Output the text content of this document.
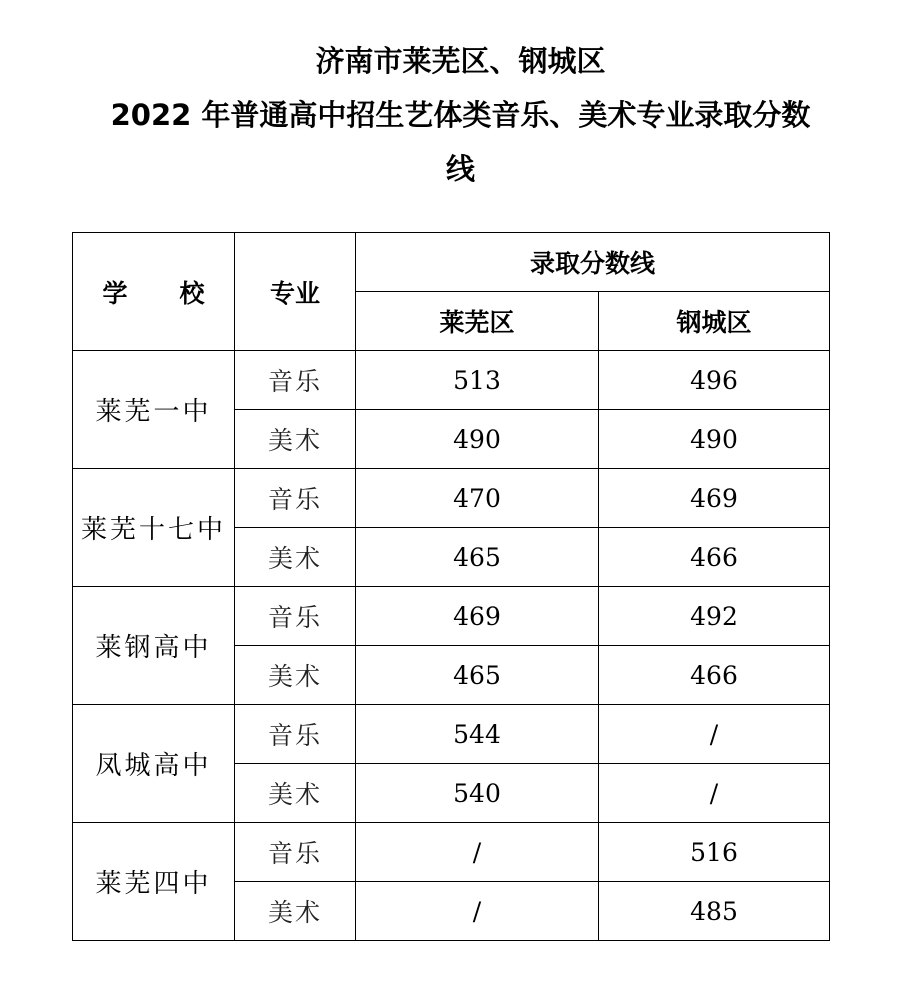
济南市莱芜区、钢城区
2022 年普通高中招生艺体类音乐、美术专业录取分数
线
学校	专业	录取分数线	
		莱芜区	钢城区
莱芜一中	音乐	513	496
	美术	490	490
莱芜十七中	音乐	470	469
	美术	465	466
莱钢高中	音乐	469	492
	美术	465	466
凤城高中	音乐	544	/
	美术	540	/
莱芜四中	音乐	/	516
	美术	/	485
